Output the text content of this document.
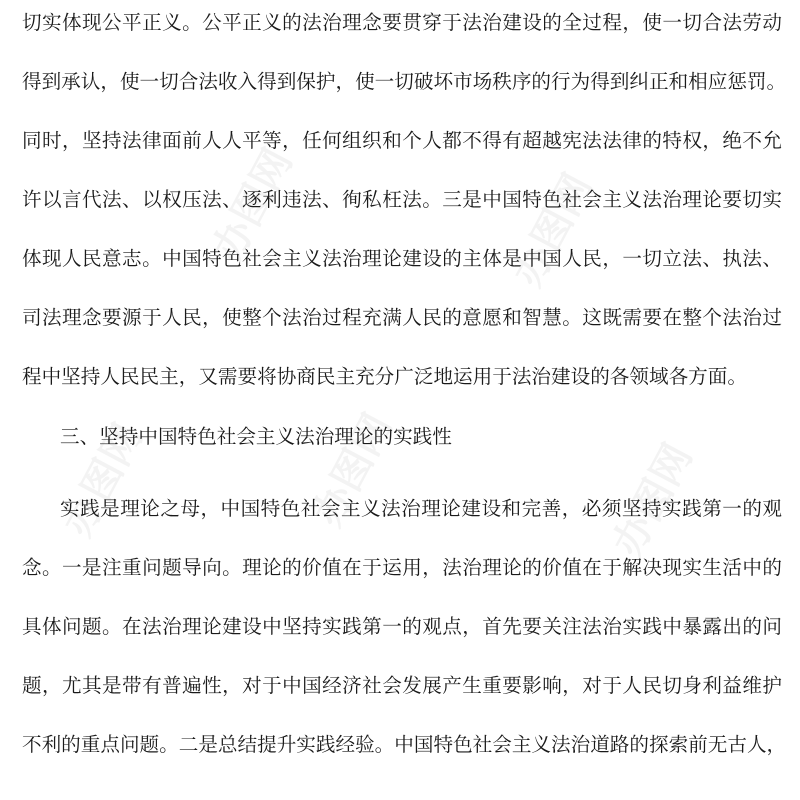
办图网	办图网
办图网	办图网
办图网
切实体现公平正义。公平正义的法治理念要贯穿于法治建设的全过程，使一切合法劳动
得到承认，使一切合法收入得到保护，使一切破坏市场秩序的行为得到纠正和相应惩罚。
同时，坚持法律面前人人平等，任何组织和个人都不得有超越宪法法律的特权，绝不允
许以言代法、以权压法、逐利违法、徇私枉法。三是中国特色社会主义法治理论要切实
体现人民意志。中国特色社会主义法治理论建设的主体是中国人民，一切立法、执法、
司法理念要源于人民，使整个法治过程充满人民的意愿和智慧。这既需要在整个法治过
程中坚持人民民主，又需要将协商民主充分广泛地运用于法治建设的各领域各方面。
三、坚持中国特色社会主义法治理论的实践性
实践是理论之母，中国特色社会主义法治理论建设和完善，必须坚持实践第一的观
念。一是注重问题导向。理论的价值在于运用，法治理论的价值在于解决现实生活中的
具体问题。在法治理论建设中坚持实践第一的观点，首先要关注法治实践中暴露出的问
题，尤其是带有普遍性，对于中国经济社会发展产生重要影响，对于人民切身利益维护
不利的重点问题。二是总结提升实践经验。中国特色社会主义法治道路的探索前无古人，
